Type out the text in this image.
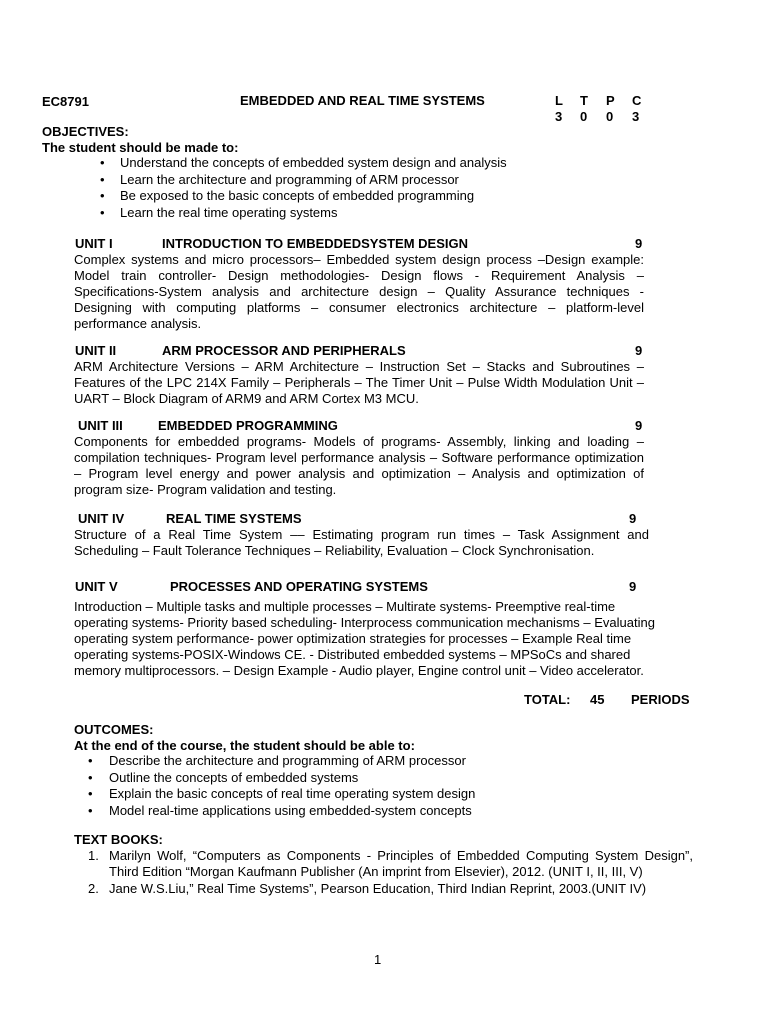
EC8791	EMBEDDED AND REAL TIME SYSTEMS	L T P C
3 0 0 3
OBJECTIVES:
The student should be made to:
• Understand the concepts of embedded system design and analysis
• Learn the architecture and programming of ARM processor
• Be exposed to the basic concepts of embedded programming
• Learn the real time operating systems
UNIT I	INTRODUCTION TO EMBEDDEDSYSTEM DESIGN	9
Complex systems and micro processors– Embedded system design process –Design example: Model train controller- Design methodologies- Design flows - Requirement Analysis – Specifications-System analysis and architecture design – Quality Assurance techniques - Designing with computing platforms – consumer electronics architecture – platform-level performance analysis.
UNIT II	ARM PROCESSOR AND PERIPHERALS	9
ARM Architecture Versions – ARM Architecture – Instruction Set – Stacks and Subroutines – Features of the LPC 214X Family – Peripherals – The Timer Unit – Pulse Width Modulation Unit – UART – Block Diagram of ARM9 and ARM Cortex M3 MCU.
UNIT III	EMBEDDED PROGRAMMING	9
Components for embedded programs- Models of programs- Assembly, linking and loading – compilation techniques- Program level performance analysis – Software performance optimization – Program level energy and power analysis and optimization – Analysis and optimization of program size- Program validation and testing.
UNIT IV	REAL TIME SYSTEMS	9
Structure of a Real Time System –– Estimating program run times – Task Assignment and Scheduling – Fault Tolerance Techniques – Reliability, Evaluation – Clock Synchronisation.
UNIT V	PROCESSES AND OPERATING SYSTEMS	9
Introduction – Multiple tasks and multiple processes – Multirate systems- Preemptive real-time operating systems- Priority based scheduling- Interprocess communication mechanisms – Evaluating operating system performance- power optimization strategies for processes – Example Real time operating systems-POSIX-Windows CE. - Distributed embedded systems – MPSoCs and shared memory multiprocessors. – Design Example - Audio player, Engine control unit – Video accelerator.
TOTAL: 45 PERIODS
OUTCOMES:
At the end of the course, the student should be able to:
• Describe the architecture and programming of ARM processor
• Outline the concepts of embedded systems
• Explain the basic concepts of real time operating system design
• Model real-time applications using embedded-system concepts
TEXT BOOKS:
1. Marilyn Wolf, “Computers as Components - Principles of Embedded Computing System Design”, Third Edition “Morgan Kaufmann Publisher (An imprint from Elsevier), 2012. (UNIT I, II, III, V)
2. Jane W.S.Liu,” Real Time Systems”, Pearson Education, Third Indian Reprint, 2003.(UNIT IV)
1
